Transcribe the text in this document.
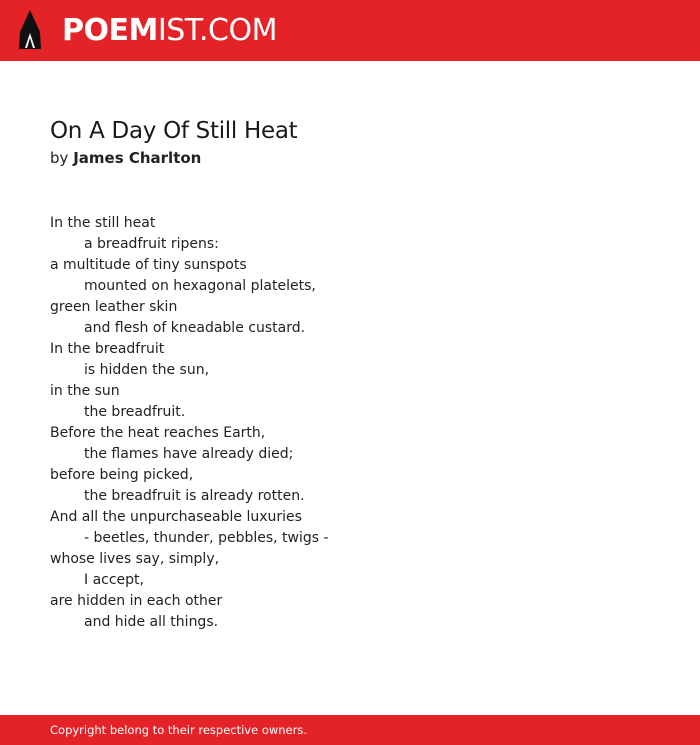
POEMIST.COM
On A Day Of Still Heat
by James Charlton
In the still heat
a breadfruit ripens:
a multitude of tiny sunspots
mounted on hexagonal platelets,
green leather skin
and flesh of kneadable custard.
In the breadfruit
is hidden the sun,
in the sun
the breadfruit.
Before the heat reaches Earth,
the flames have already died;
before being picked,
the breadfruit is already rotten.
And all the unpurchaseable luxuries
- beetles, thunder, pebbles, twigs -
whose lives say, simply,
I accept,
are hidden in each other
and hide all things.
Copyright belong to their respective owners.
